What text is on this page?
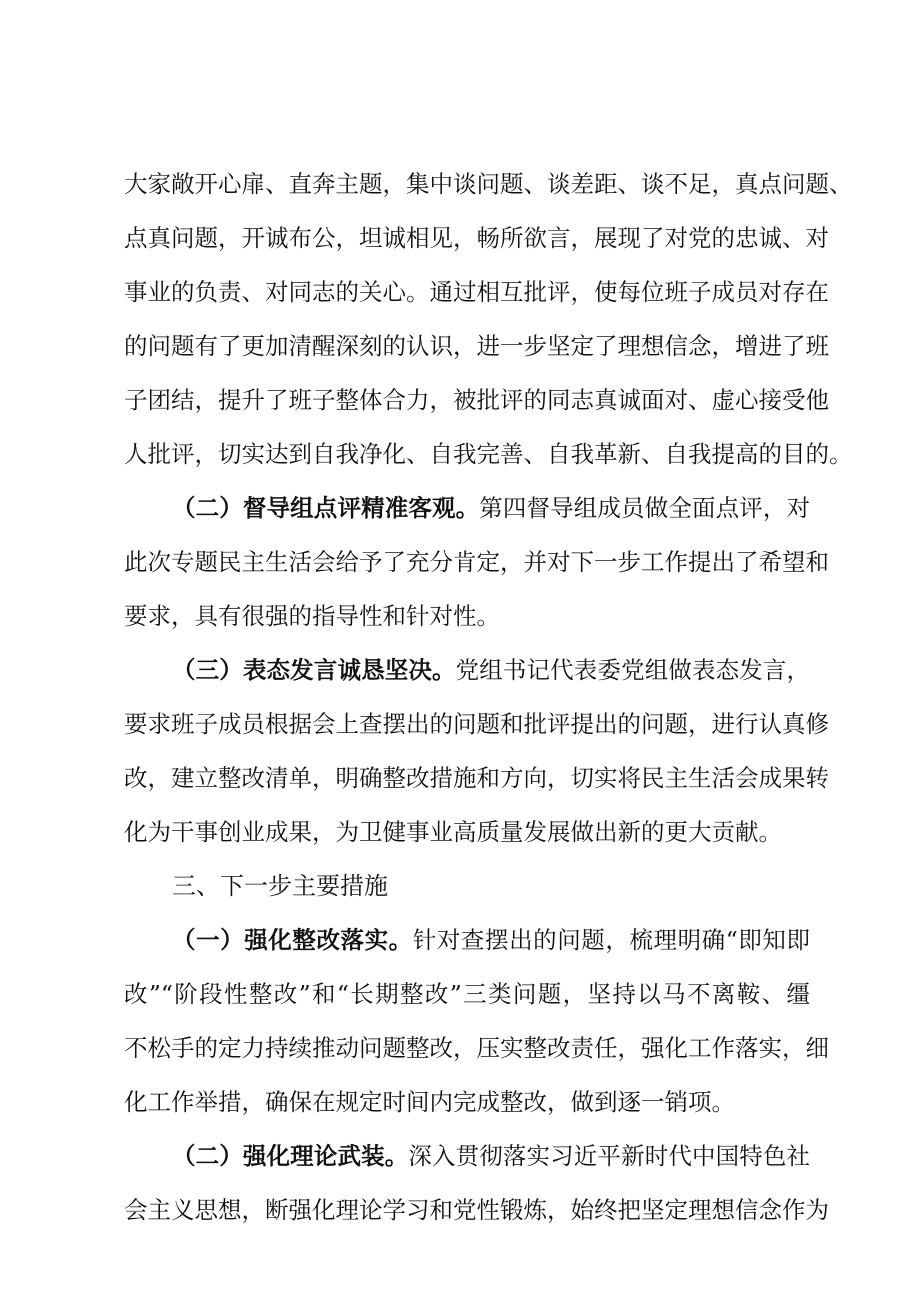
大家敞开心扉、直奔主题，集中谈问题、谈差距、谈不足，真点问题、
点真问题，开诚布公，坦诚相见，畅所欲言，展现了对党的忠诚、对
事业的负责、对同志的关心。通过相互批评，使每位班子成员对存在
的问题有了更加清醒深刻的认识，进一步坚定了理想信念，增进了班
子团结，提升了班子整体合力，被批评的同志真诚面对、虚心接受他
人批评，切实达到自我净化、自我完善、自我革新、自我提高的目的。
（二）督导组点评精准客观。第四督导组成员做全面点评，对
此次专题民主生活会给予了充分肯定，并对下一步工作提出了希望和
要求，具有很强的指导性和针对性。
（三）表态发言诚恳坚决。党组书记代表委党组做表态发言，
要求班子成员根据会上查摆出的问题和批评提出的问题，进行认真修
改，建立整改清单，明确整改措施和方向，切实将民主生活会成果转
化为干事创业成果，为卫健事业高质量发展做出新的更大贡献。
三、下一步主要措施
（一）强化整改落实。针对查摆出的问题，梳理明确“即知即
改”“阶段性整改”和“长期整改”三类问题，坚持以马不离鞍、缰
不松手的定力持续推动问题整改，压实整改责任，强化工作落实，细
化工作举措，确保在规定时间内完成整改，做到逐一销项。
（二）强化理论武装。深入贯彻落实习近平新时代中国特色社
会主义思想，断强化理论学习和党性锻炼，始终把坚定理想信念作为
